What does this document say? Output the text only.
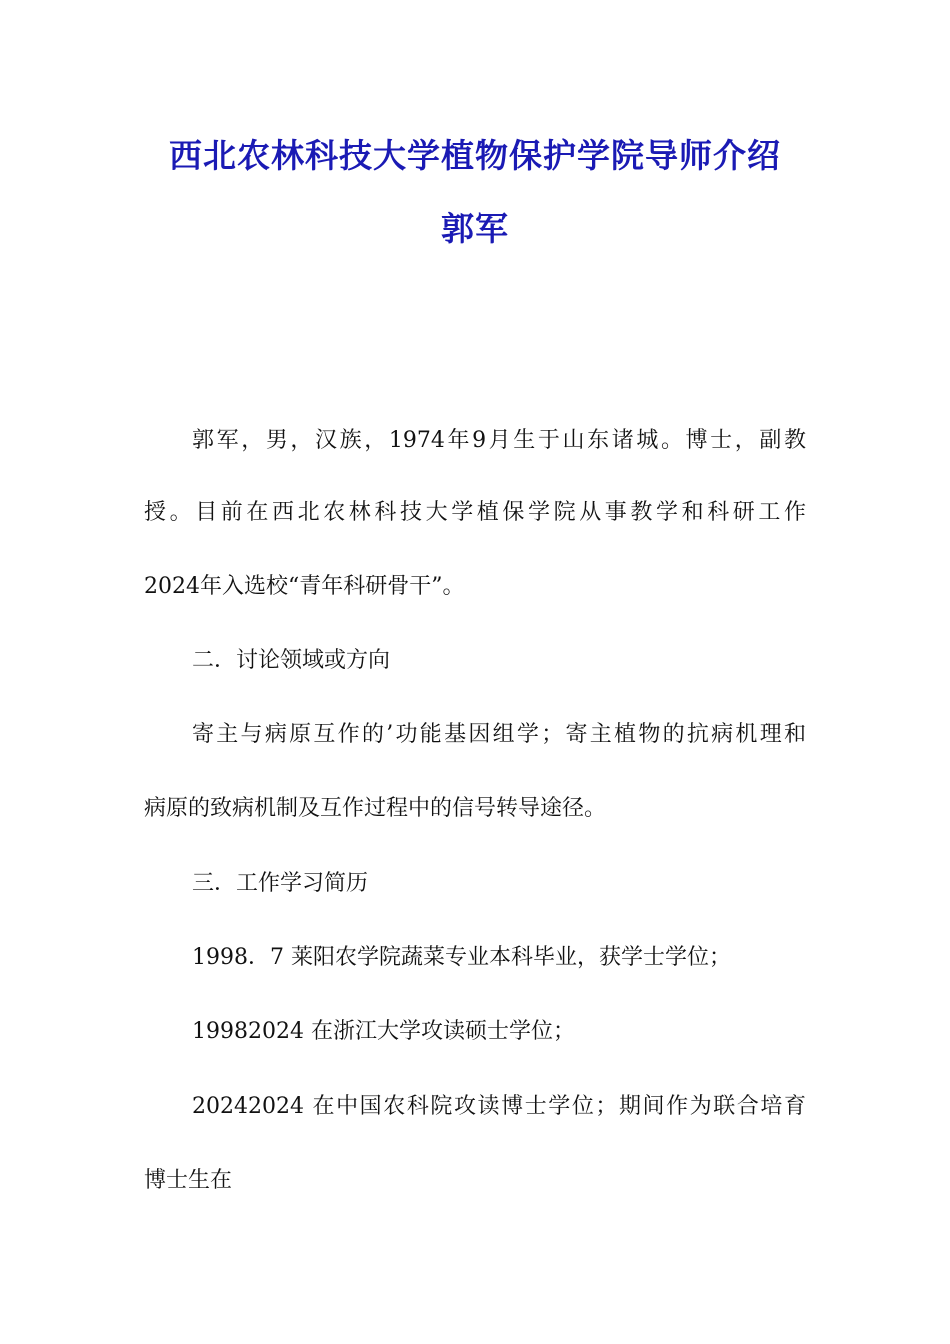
西北农林科技大学植物保护学院导师介绍
郭军
郭军，男，汉族，1974年9月生于山东诸城。博士，副教
授。目前在西北农林科技大学植保学院从事教学和科研工作
2024年入选校“青年科研骨干”。
二．讨论领域或方向
寄主与病原互作的’功能基因组学；寄主植物的抗病机理和
病原的致病机制及互作过程中的信号转导途径。
三．工作学习简历
1998．7 莱阳农学院蔬菜专业本科毕业，获学士学位；
19982024 在浙江大学攻读硕士学位；
20242024 在中国农科院攻读博士学位；期间作为联合培育
博士生在
